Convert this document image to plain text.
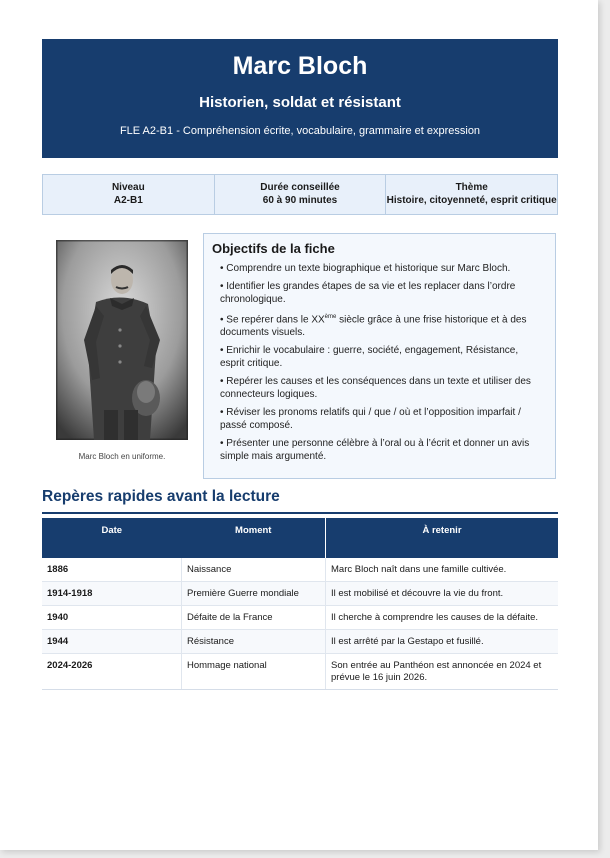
Marc Bloch
Historien, soldat et résistant
FLE A2-B1 - Compréhension écrite, vocabulaire, grammaire et expression
Niveau
A2-B1
Durée conseillée
60 à 90 minutes
Thème
Histoire, citoyenneté, esprit critique
Marc Bloch en uniforme.
Objectifs de la fiche
• Comprendre un texte biographique et historique sur Marc Bloch.
• Identifier les grandes étapes de sa vie et les replacer dans l’ordre chronologique.
• Se repérer dans le XXème siècle grâce à une frise historique et à des documents visuels.
• Enrichir le vocabulaire : guerre, société, engagement, Résistance, esprit critique.
• Repérer les causes et les conséquences dans un texte et utiliser des connecteurs logiques.
• Réviser les pronoms relatifs qui / que / où et l’opposition imparfait / passé composé.
• Présenter une personne célèbre à l’oral ou à l’écrit et donner un avis simple mais argumenté.
Repères rapides avant la lecture
Date	Moment	À retenir
1886	Naissance	Marc Bloch naît dans une famille cultivée.
1914-1918	Première Guerre mondiale	Il est mobilisé et découvre la vie du front.
1940	Défaite de la France	Il cherche à comprendre les causes de la défaite.
1944	Résistance	Il est arrêté par la Gestapo et fusillé.
2024-2026	Hommage national	Son entrée au Panthéon est annoncée en 2024 et prévue le 16 juin 2026.
